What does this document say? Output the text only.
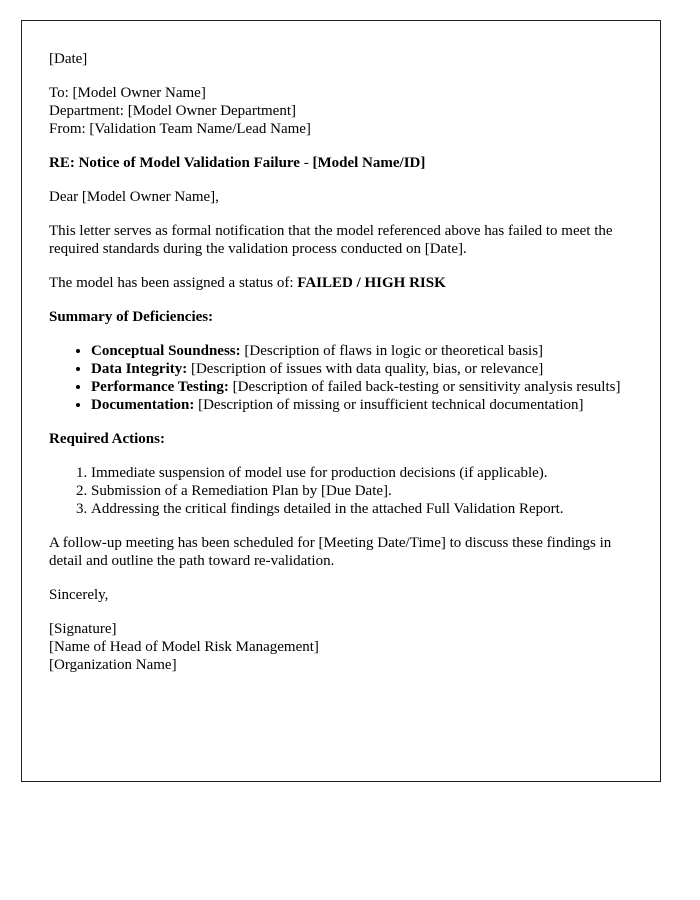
[Date]

To: [Model Owner Name]
Department: [Model Owner Department]
From: [Validation Team Name/Lead Name]

RE: Notice of Model Validation Failure - [Model Name/ID]

Dear [Model Owner Name],

This letter serves as formal notification that the model referenced above has failed to meet the required standards during the validation process conducted on [Date].

The model has been assigned a status of: FAILED / HIGH RISK

Summary of Deficiencies:

• Conceptual Soundness: [Description of flaws in logic or theoretical basis]
• Data Integrity: [Description of issues with data quality, bias, or relevance]
• Performance Testing: [Description of failed back-testing or sensitivity analysis results]
• Documentation: [Description of missing or insufficient technical documentation]

Required Actions:

1. Immediate suspension of model use for production decisions (if applicable).
2. Submission of a Remediation Plan by [Due Date].
3. Addressing the critical findings detailed in the attached Full Validation Report.

A follow-up meeting has been scheduled for [Meeting Date/Time] to discuss these findings in detail and outline the path toward re-validation.

Sincerely,

[Signature]
[Name of Head of Model Risk Management]
[Organization Name]
